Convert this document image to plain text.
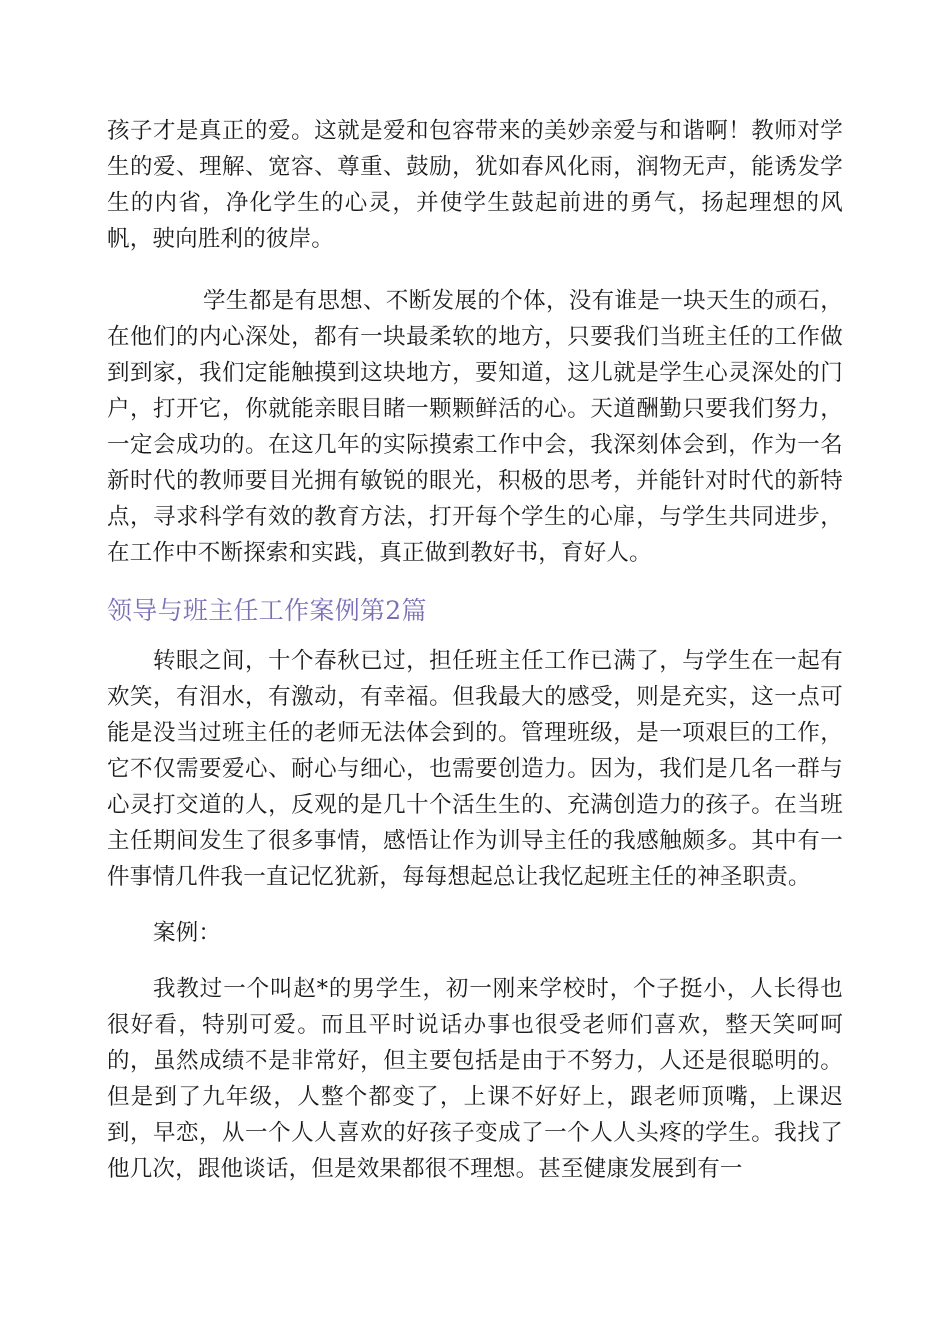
孩子才是真正的爱。这就是爱和包容带来的美妙亲爱与和谐啊！教师对学生的爱、理解、宽容、尊重、鼓励，犹如春风化雨，润物无声，能诱发学生的内省，净化学生的心灵，并使学生鼓起前进的勇气，扬起理想的风帆，驶向胜利的彼岸。

学生都是有思想、不断发展的个体，没有谁是一块天生的顽石，在他们的内心深处，都有一块最柔软的地方，只要我们当班主任的工作做到到家，我们定能触摸到这块地方，要知道，这儿就是学生心灵深处的门户，打开它，你就能亲眼目睹一颗颗鲜活的心。天道酬勤只要我们努力，一定会成功的。在这几年的实际摸索工作中会，我深刻体会到，作为一名新时代的教师要目光拥有敏锐的眼光，积极的思考，并能针对时代的新特点，寻求科学有效的教育方法，打开每个学生的心扉，与学生共同进步，在工作中不断探索和实践，真正做到教好书，育好人。

领导与班主任工作案例第2篇

转眼之间，十个春秋已过，担任班主任工作已满了，与学生在一起有欢笑，有泪水，有激动，有幸福。但我最大的感受，则是充实，这一点可能是没当过班主任的老师无法体会到的。管理班级，是一项艰巨的工作，它不仅需要爱心、耐心与细心，也需要创造力。因为，我们是几名一群与心灵打交道的人，反观的是几十个活生生的、充满创造力的孩子。在当班主任期间发生了很多事情，感悟让作为训导主任的我感触颇多。其中有一件事情几件我一直记忆犹新，每每想起总让我忆起班主任的神圣职责。

案例：

我教过一个叫赵*的男学生，初一刚来学校时，个子挺小，人长得也很好看，特别可爱。而且平时说话办事也很受老师们喜欢，整天笑呵呵的，虽然成绩不是非常好，但主要包括是由于不努力，人还是很聪明的。但是到了九年级，人整个都变了，上课不好好上，跟老师顶嘴，上课迟到，早恋，从一个人人喜欢的好孩子变成了一个人人头疼的学生。我找了他几次，跟他谈话，但是效果都很不理想。甚至健康发展到有一
